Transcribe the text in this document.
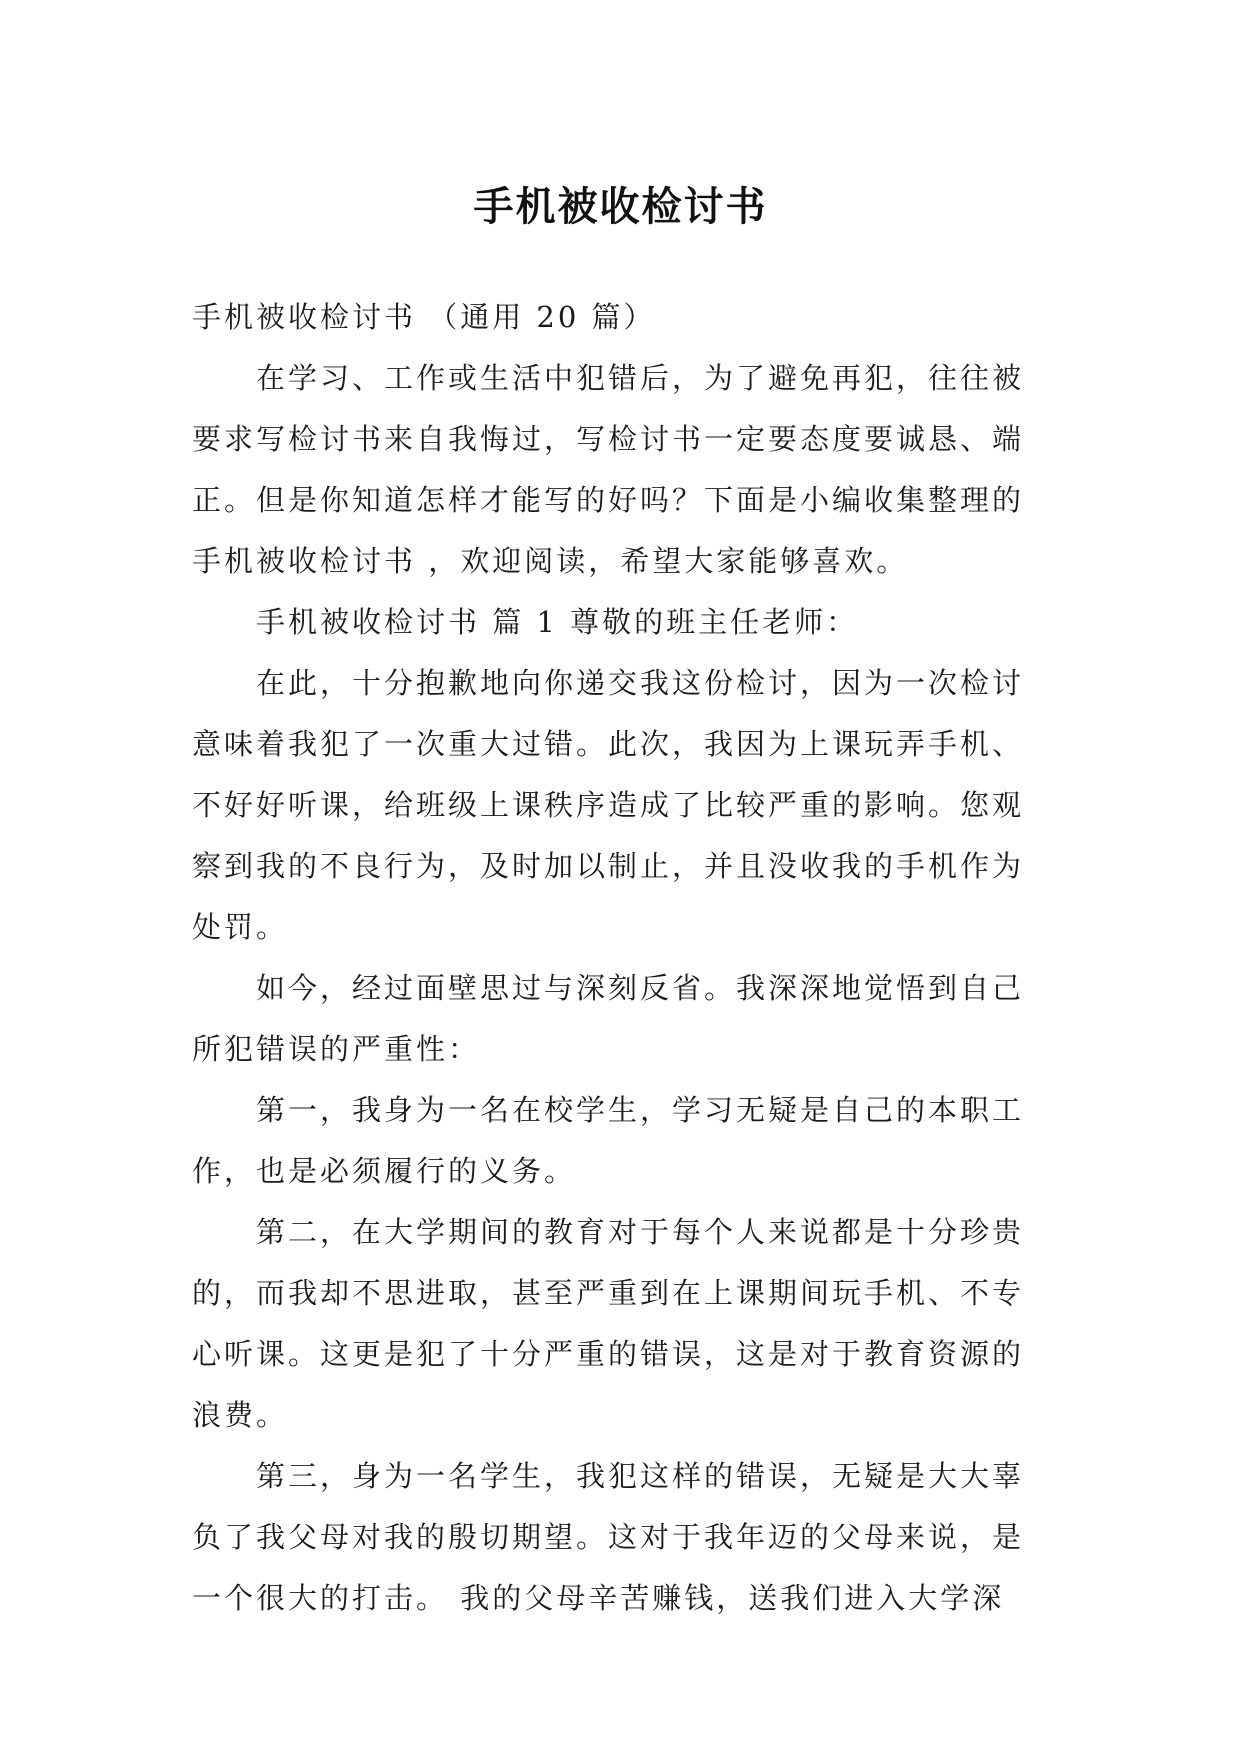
手机被收检讨书

手机被收检讨书 （通用 20 篇）

在学习、工作或生活中犯错后，为了避免再犯，往往被要求写检讨书来自我悔过，写检讨书一定要态度要诚恳、端正。但是你知道怎样才能写的好吗？下面是小编收集整理的手机被收检讨书 ，欢迎阅读，希望大家能够喜欢。

手机被收检讨书 篇 1 尊敬的班主任老师：

在此，十分抱歉地向你递交我这份检讨，因为一次检讨意味着我犯了一次重大过错。此次，我因为上课玩弄手机、不好好听课，给班级上课秩序造成了比较严重的影响。您观察到我的不良行为，及时加以制止，并且没收我的手机作为处罚。

如今，经过面壁思过与深刻反省。我深深地觉悟到自己所犯错误的严重性：

第一，我身为一名在校学生，学习无疑是自己的本职工作，也是必须履行的义务。

第二，在大学期间的教育对于每个人来说都是十分珍贵的，而我却不思进取，甚至严重到在上课期间玩手机、不专心听课。这更是犯了十分严重的错误，这是对于教育资源的浪费。

第三，身为一名学生，我犯这样的错误，无疑是大大辜负了我父母对我的殷切期望。这对于我年迈的父母来说，是一个很大的打击。 我的父母辛苦赚钱，送我们进入大学深
